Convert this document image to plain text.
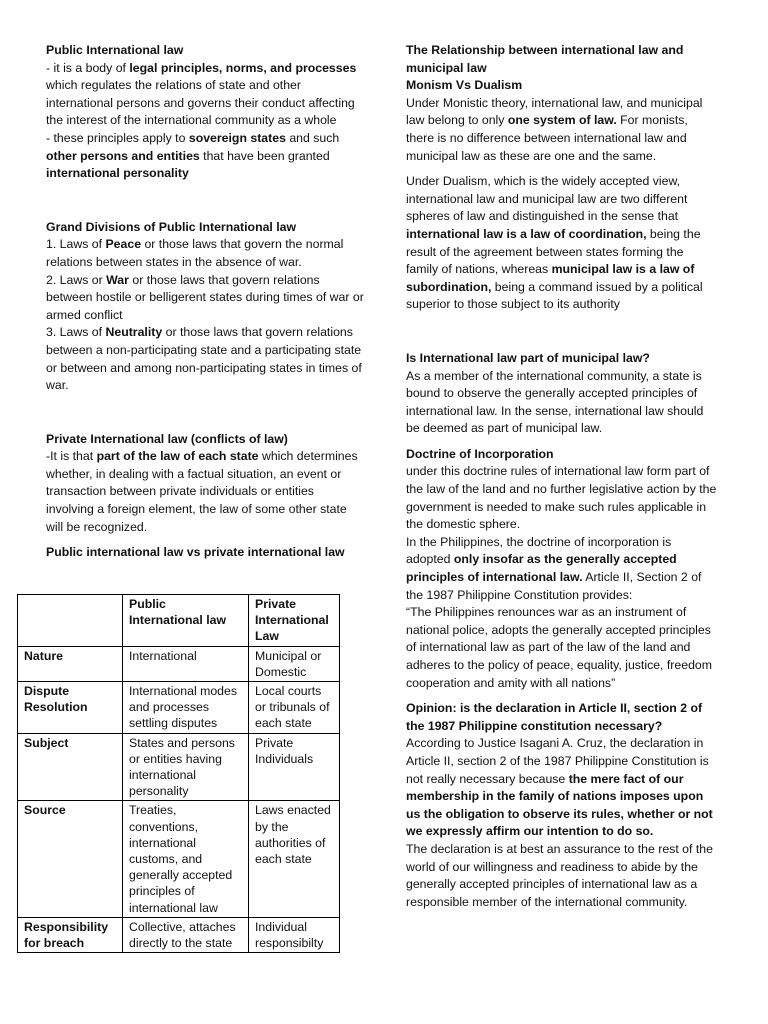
Public International law

- it is a body of legal principles, norms, and processes which regulates the relations of state and other international persons and governs their conduct affecting the interest of the international community as a whole

- these principles apply to sovereign states and such other persons and entities that have been granted international personality

Grand Divisions of Public International law

1. Laws of Peace or those laws that govern the normal relations between states in the absence of war.

2. Laws or War or those laws that govern relations between hostile or belligerent states during times of war or armed conflict

3. Laws of Neutrality or those laws that govern relations between a non-participating state and a participating state or between and among non-participating states in times of war.

Private International law (conflicts of law)

-It is that part of the law of each state which determines whether, in dealing with a factual situation, an event or transaction between private individuals or entities involving a foreign element, the law of some other state will be recognized.

Public international law vs private international law

	Public International law	Private International Law
Nature	International	Municipal or Domestic
Dispute Resolution	International modes and processes settling disputes	Local courts or tribunals of each state
Subject	States and persons or entities having international personality	Private Individuals
Source	Treaties, conventions, international customs, and generally accepted principles of international law	Laws enacted by the authorities of each state
Responsibility for breach	Collective, attaches directly to the state	Individual responsibilty

The Relationship between international law and municipal law

Monism Vs Dualism

Under Monistic theory, international law, and municipal law belong to only one system of law. For monists, there is no difference between international law and municipal law as these are one and the same.

Under Dualism, which is the widely accepted view, international law and municipal law are two different spheres of law and distinguished in the sense that international law is a law of coordination, being the result of the agreement between states forming the family of nations, whereas municipal law is a law of subordination, being a command issued by a political superior to those subject to its authority

Is International law part of municipal law?

As a member of the international community, a state is bound to observe the generally accepted principles of international law. In the sense, international law should be deemed as part of municipal law.

Doctrine of Incorporation

under this doctrine rules of international law form part of the law of the land and no further legislative action by the government is needed to make such rules applicable in the domestic sphere.

In the Philippines, the doctrine of incorporation is adopted only insofar as the generally accepted principles of international law. Article II, Section 2 of the 1987 Philippine Constitution provides:

“The Philippines renounces war as an instrument of national police, adopts the generally accepted principles of international law as part of the law of the land and adheres to the policy of peace, equality, justice, freedom cooperation and amity with all nations”

Opinion: is the declaration in Article II, section 2 of the 1987 Philippine constitution necessary?

According to Justice Isagani A. Cruz, the declaration in Article II, section 2 of the 1987 Philippine Constitution is not really necessary because the mere fact of our membership in the family of nations imposes upon us the obligation to observe its rules, whether or not we expressly affirm our intention to do so.

The declaration is at best an assurance to the rest of the world of our willingness and readiness to abide by the generally accepted principles of international law as a responsible member of the international community.
